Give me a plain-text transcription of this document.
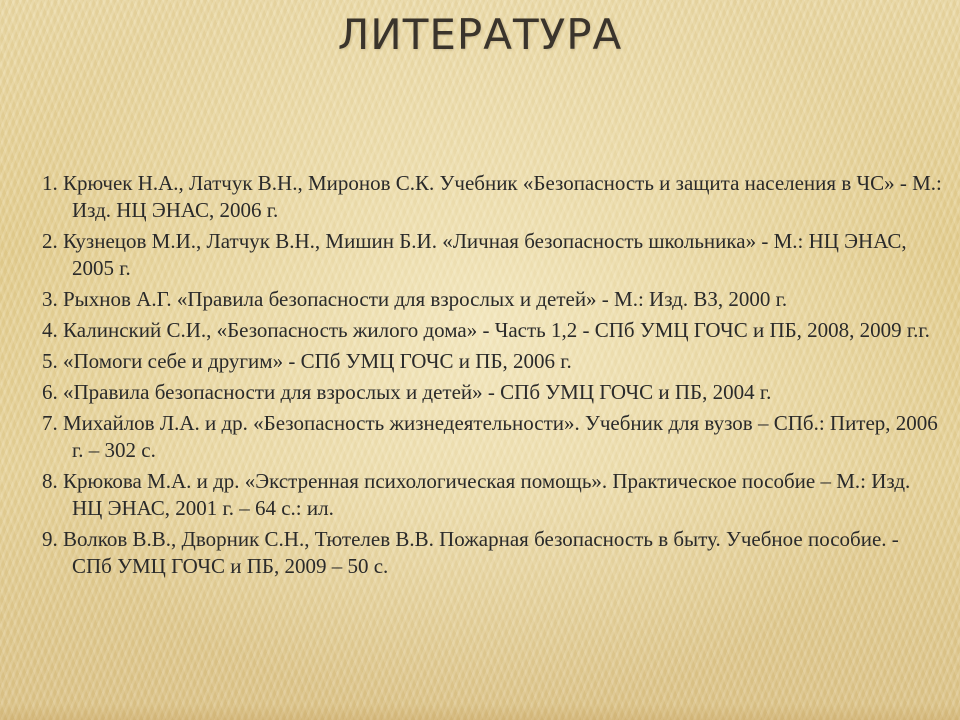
ЛИТЕРАТУРА
1. Крючек Н.А., Латчук В.Н., Миронов С.К. Учебник «Безопасность и защита населения в ЧС» - М.: Изд. НЦ ЭНАС, 2006 г.
2. Кузнецов М.И., Латчук В.Н., Мишин Б.И. «Личная безопасность школьника» - М.: НЦ ЭНАС, 2005 г.
3. Рыхнов А.Г. «Правила безопасности для взрослых и детей» - М.: Изд. ВЗ, 2000 г.
4. Калинский С.И., «Безопасность жилого дома» - Часть 1,2 - СПб УМЦ ГОЧС и ПБ, 2008, 2009 г.г.
5. «Помоги себе и другим» - СПб УМЦ ГОЧС и ПБ, 2006 г.
6. «Правила безопасности для взрослых и детей» - СПб УМЦ ГОЧС и ПБ, 2004 г.
7. Михайлов Л.А. и др. «Безопасность жизнедеятельности». Учебник для вузов – СПб.: Питер, 2006 г. – 302 с.
8. Крюкова М.А. и др. «Экстренная психологическая помощь». Практическое пособие – М.: Изд. НЦ ЭНАС, 2001 г. – 64 с.: ил.
9. Волков В.В., Дворник С.Н., Тютелев В.В. Пожарная безопасность в быту. Учебное пособие. - СПб УМЦ ГОЧС и ПБ, 2009 – 50 с.
